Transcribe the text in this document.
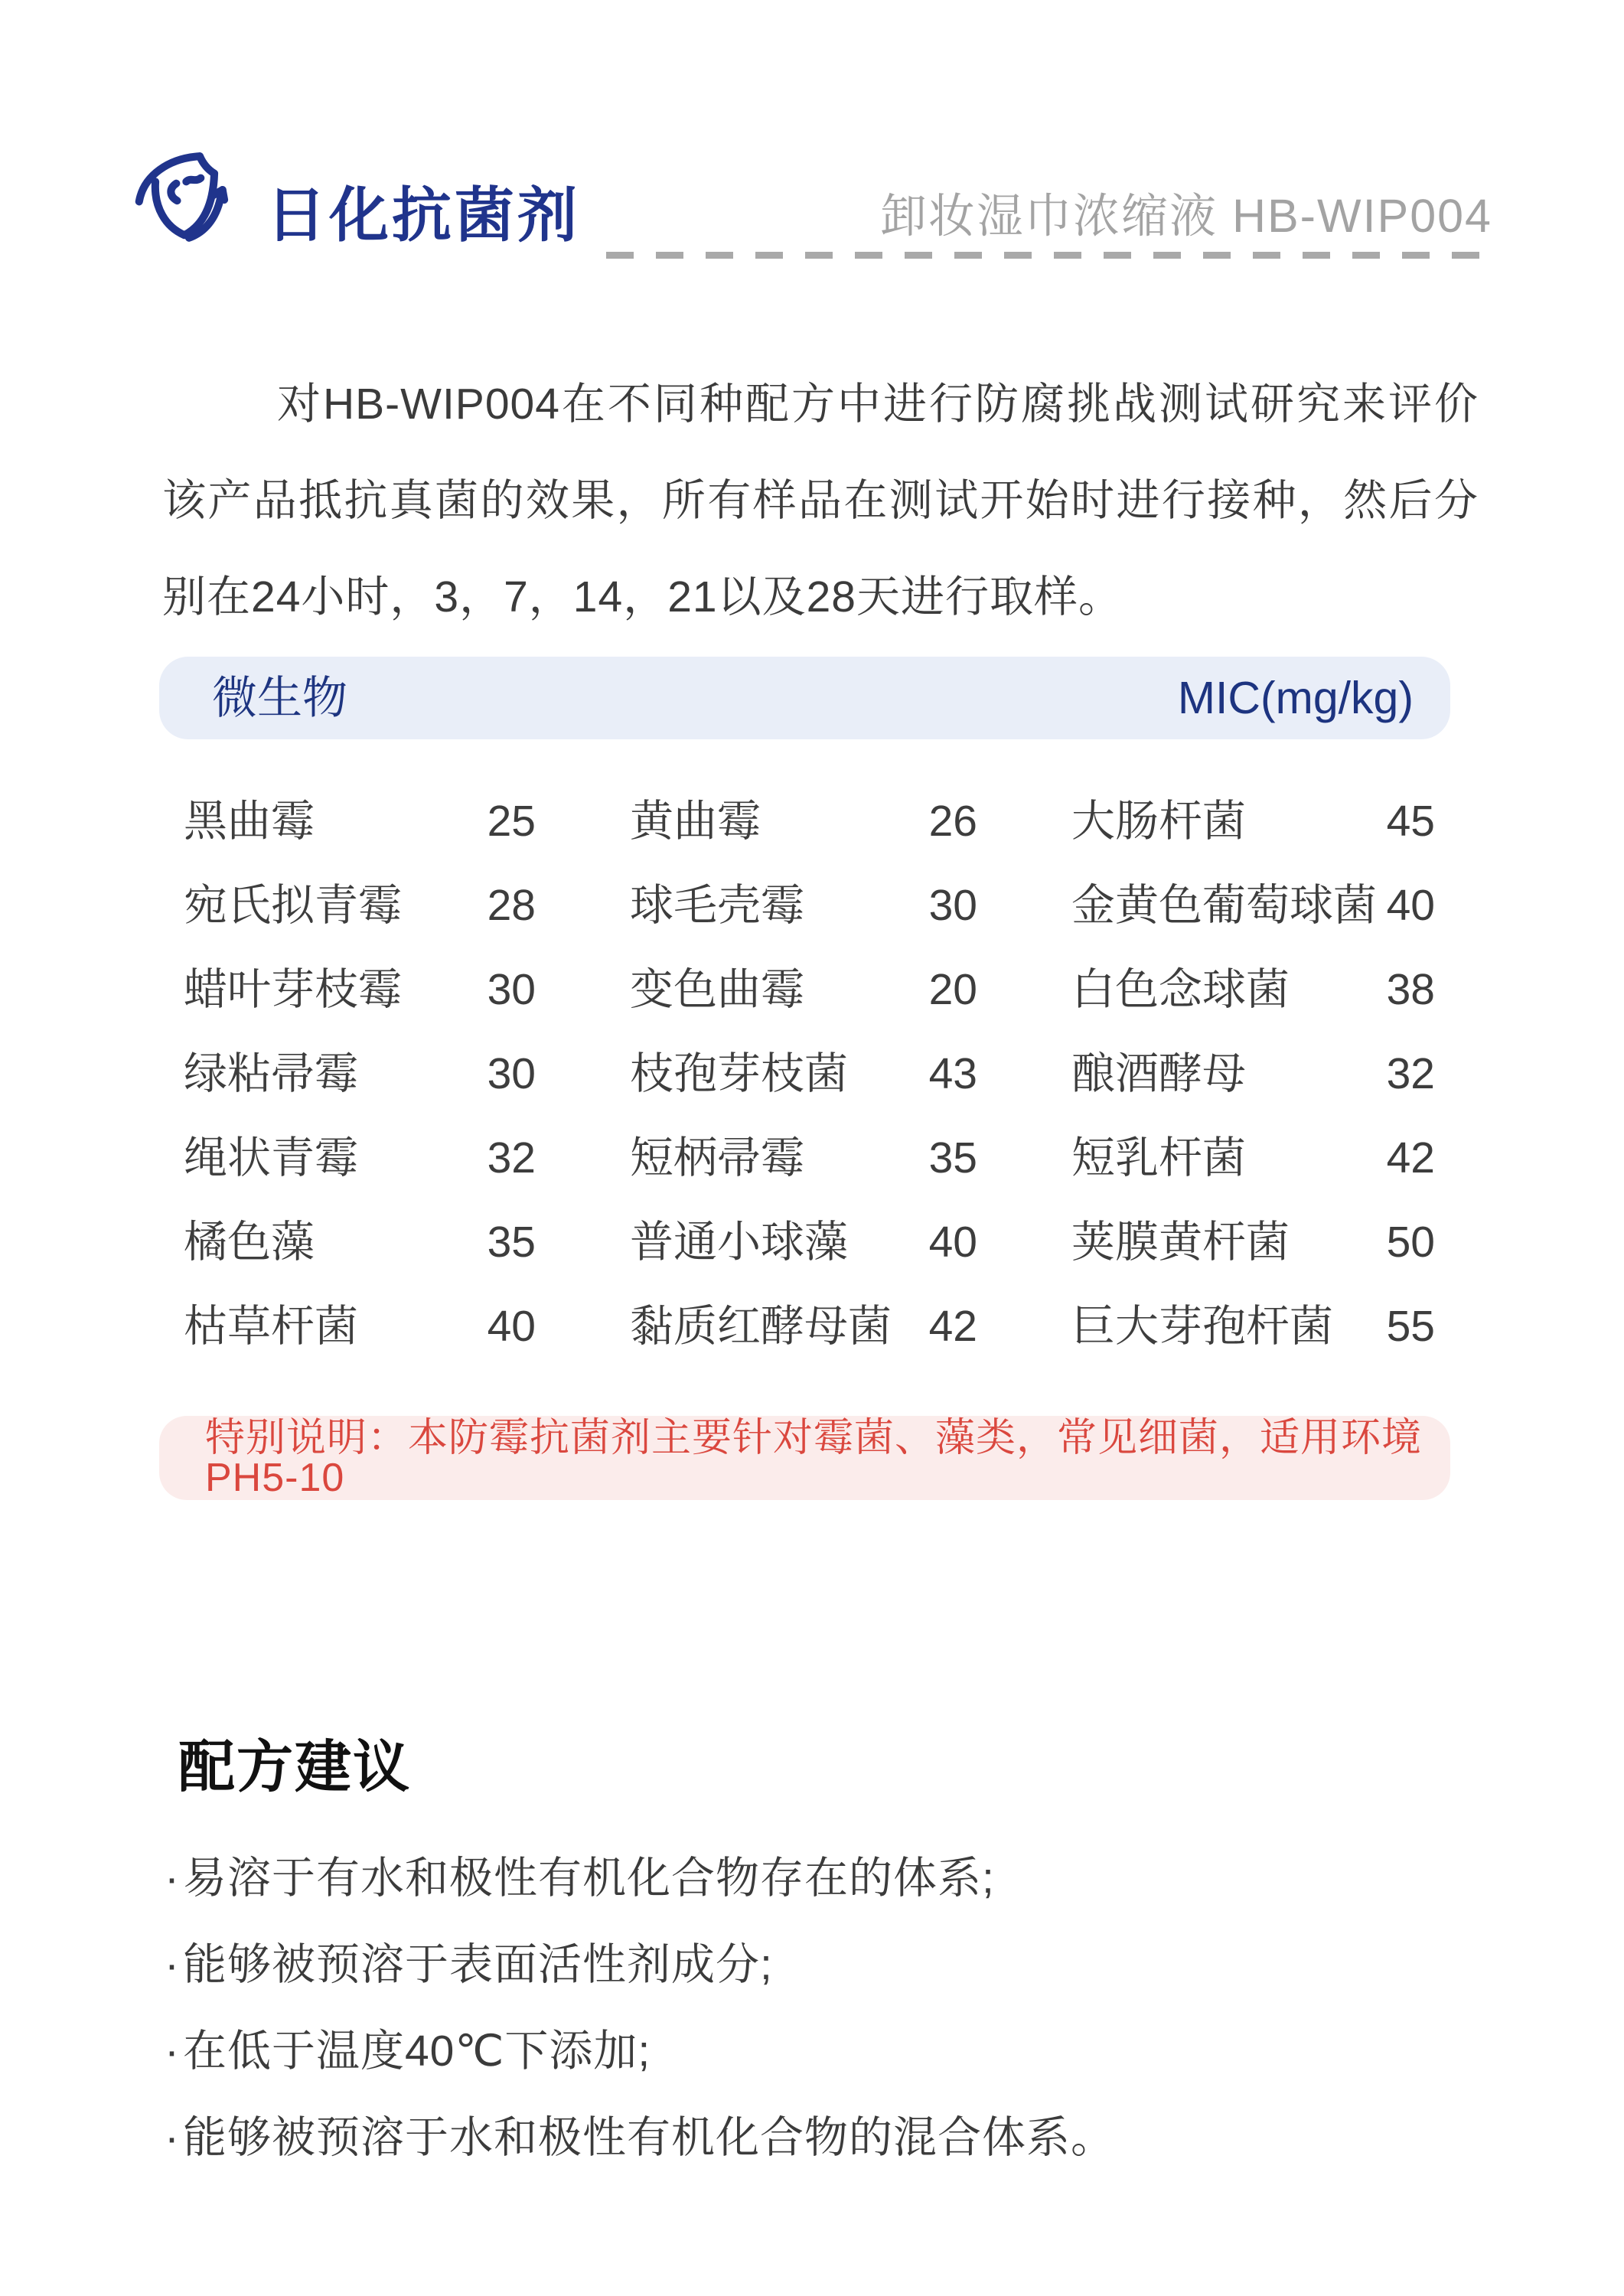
日化抗菌剂	卸妆湿巾浓缩液 HB-WIP004

对HB-WIP004在不同种配方中进行防腐挑战测试研究来评价该产品抵抗真菌的效果，所有样品在测试开始时进行接种，然后分别在24小时，3，7，14，21以及28天进行取样。

微生物	MIC(mg/kg)
黑曲霉	25 黄曲霉	26 大肠杆菌	45
宛氏拟青霉 28 球毛壳霉	30 金黄色葡萄球菌 40
蜡叶芽枝霉 30 变色曲霉	20 白色念球菌 38
绿粘帚霉	30 枝孢芽枝菌 43 酿酒酵母	32
绳状青霉	32 短柄帚霉	35 短乳杆菌	42
橘色藻	35 普通小球藻 40 荚膜黄杆菌 50
枯草杆菌	40 黏质红酵母菌 42 巨大芽孢杆菌 55
特别说明：本防霉抗菌剂主要针对霉菌、藻类，常见细菌，适用环境PH5-10
配方建议
· 易溶于有水和极性有机化合物存在的体系;
· 能够被预溶于表面活性剂成分;
· 在低于温度40℃下添加;
· 能够被预溶于水和极性有机化合物的混合体系。
